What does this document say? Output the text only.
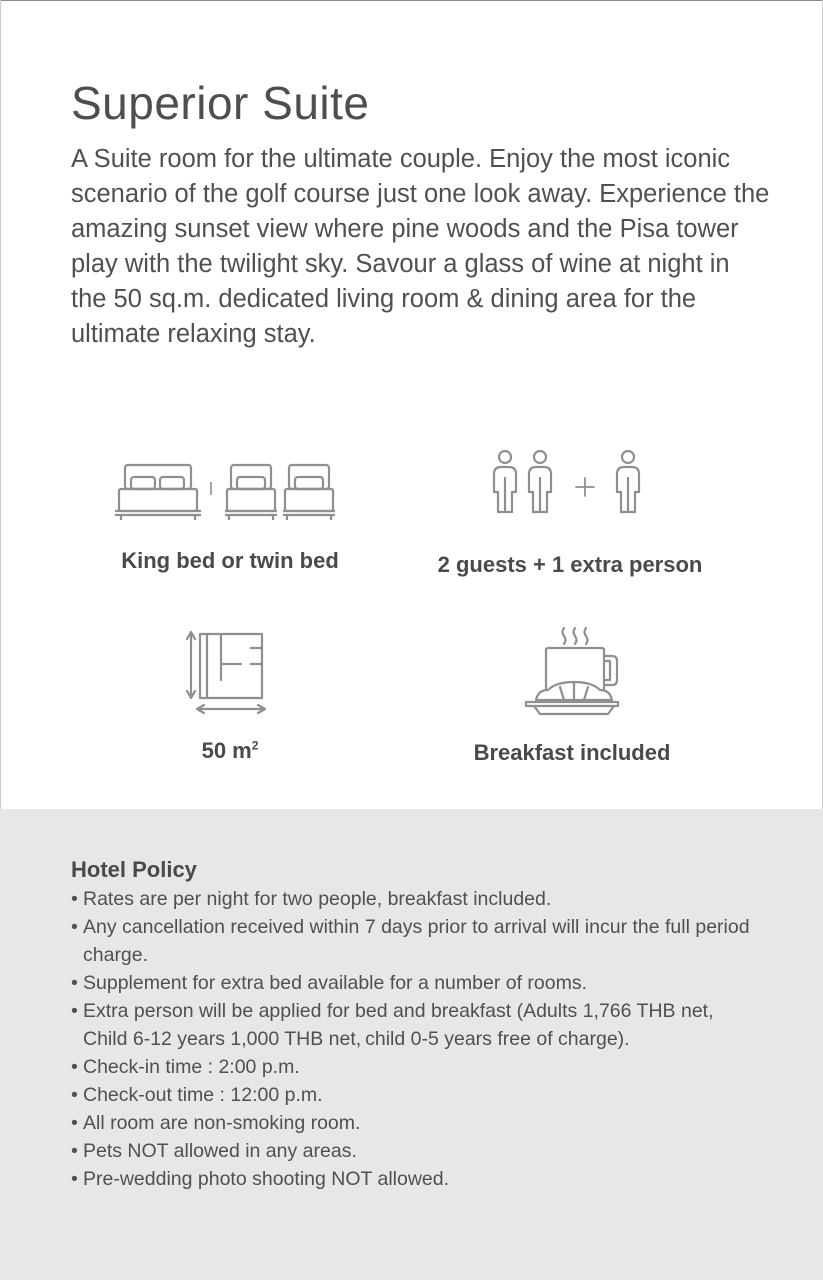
Superior Suite

A Suite room for the ultimate couple. Enjoy the most iconic scenario of the golf course just one look away. Experience the amazing sunset view where pine woods and the Pisa tower play with the twilight sky. Savour a glass of wine at night in the 50 sq.m. dedicated living room & dining area for the ultimate relaxing stay.

King bed or twin bed	2 guests + 1 extra person
50 $m^2$	Breakfast included
Hotel Policy
• Rates are per night for two people, breakfast included.
• Any cancellation received within 7 days prior to arrival will incur the full period charge.
• Supplement for extra bed available for a number of rooms.
• Extra person will be applied for bed and breakfast (Adults 1,766 THB net, Child 6-12 years 1,000 THB net, child 0-5 years free of charge).
• Check-in time : 2:00 p.m.
• Check-out time : 12:00 p.m.
• All room are non-smoking room.
• Pets NOT allowed in any areas.
• Pre-wedding photo shooting NOT allowed.
